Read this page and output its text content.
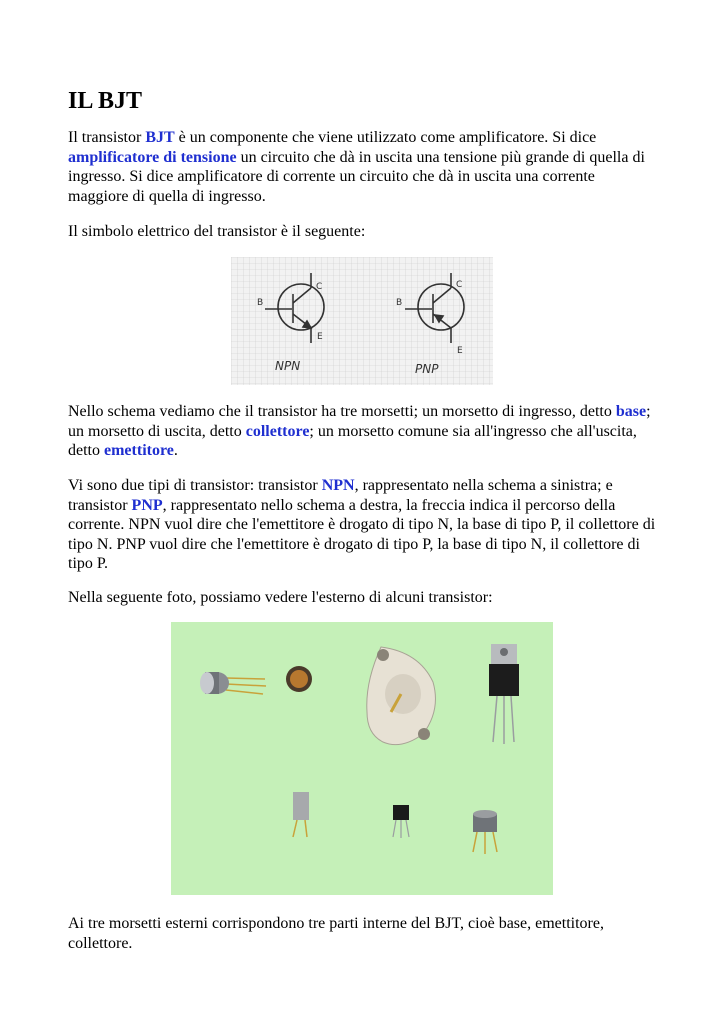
IL BJT

Il transistor BJT è un componente che viene utilizzato come amplificatore. Si dice amplificatore di tensione un circuito che dà in uscita una tensione più grande di quella di ingresso. Si dice amplificatore di corrente un circuito che dà in uscita una corrente maggiore di quella di ingresso.

Il simbolo elettrico del transistor è il seguente:

B
C
E
NPN
B
C
E
PNP

Nello schema vediamo che il transistor ha tre morsetti; un morsetto di ingresso, detto base; un morsetto di uscita, detto collettore; un morsetto comune sia all'ingresso che all'uscita, detto emettitore.

Vi sono due tipi di transistor: transistor NPN, rappresentato nella schema a sinistra; e transistor PNP, rappresentato nello schema a destra, la freccia indica il percorso della corrente. NPN vuol dire che l'emettitore è drogato di tipo N, la base di tipo P, il collettore di tipo N. PNP vuol dire che l'emettitore è drogato di tipo P, la base di tipo N, il collettore di tipo P.

Nella seguente foto, possiamo vedere l'esterno di alcuni transistor:

Ai tre morsetti esterni corrispondono tre parti interne del BJT, cioè base, emettitore, collettore.
